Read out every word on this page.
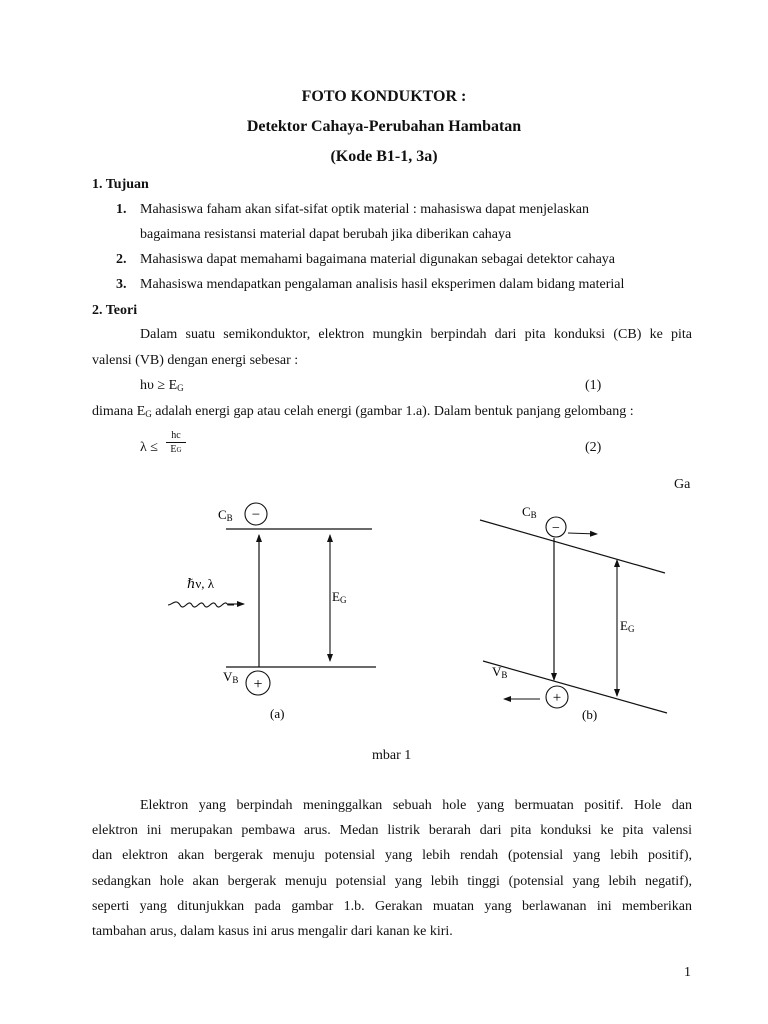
FOTO KONDUKTOR :
Detektor Cahaya-Perubahan Hambatan
(Kode B1-1, 3a)
1. Tujuan
1. Mahasiswa faham akan sifat-sifat optik material : mahasiswa dapat menjelaskan
bagaimana resistansi material dapat berubah jika diberikan cahaya
2. Mahasiswa dapat memahami bagaimana material digunakan sebagai detektor cahaya
3. Mahasiswa mendapatkan pengalaman analisis hasil eksperimen dalam bidang material
2. Teori
Dalam suatu semikonduktor, elektron mungkin berpindah dari pita konduksi (CB) ke pita
valensi (VB) dengan energi sebesar :
$h\upsilon \ge E_G$	(1)
dimana $E_G$ adalah energi gap atau celah energi (gambar 1.a). Dalam bentuk panjang gelombang :
$\lambda \le \frac{hc}{EG}$	(2)
Ga
CB −
EG
ℏν, λ
VB +
(a)
CB
−
EG
VB
+
(b)
mbar 1
Elektron yang berpindah meninggalkan sebuah hole yang bermuatan positif. Hole dan
elektron ini merupakan pembawa arus. Medan listrik berarah dari pita konduksi ke pita valensi
dan elektron akan bergerak menuju potensial yang lebih rendah (potensial yang lebih positif),
sedangkan hole akan bergerak menuju potensial yang lebih tinggi (potensial yang lebih negatif),
seperti yang ditunjukkan pada gambar 1.b. Gerakan muatan yang berlawanan ini memberikan
tambahan arus, dalam kasus ini arus mengalir dari kanan ke kiri.
1
